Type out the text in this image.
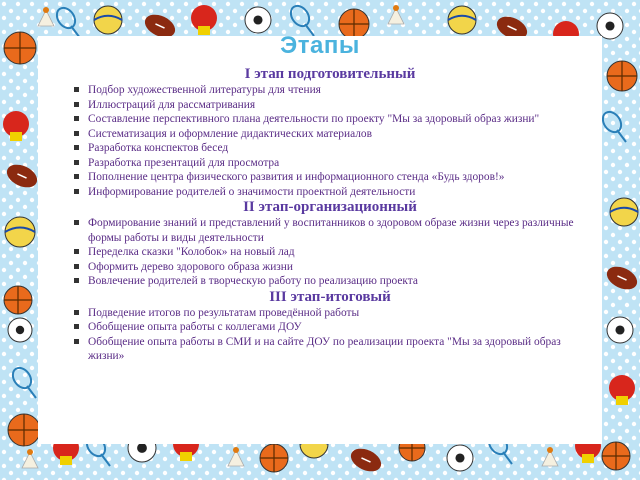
Этапы
I этап подготовительный
Подбор художественной литературы для чтения
Иллюстраций для рассматривания
Составление перспективного плана деятельности по проекту "Мы за здоровый образ жизни"
Систематизация и оформление дидактических материалов
Разработка конспектов бесед
Разработка презентаций для просмотра
Пополнение центра физического развития и информационного стенда «Будь здоров!»
Информирование родителей о значимости проектной деятельности
II этап-организационный
Формирование знаний и представлений у воспитанников о здоровом образе жизни через различные формы работы и виды деятельности
Переделка сказки "Колобок» на новый лад
Оформить дерево здорового образа жизни
Вовлечение родителей в творческую работу по реализацию проекта
III этап-итоговый
Подведение итогов по результатам проведённой работы
Обобщение опыта работы с коллегами ДОУ
Обобщение опыта работы в СМИ и на сайте ДОУ по реализации проекта "Мы за здоровый образ жизни»
